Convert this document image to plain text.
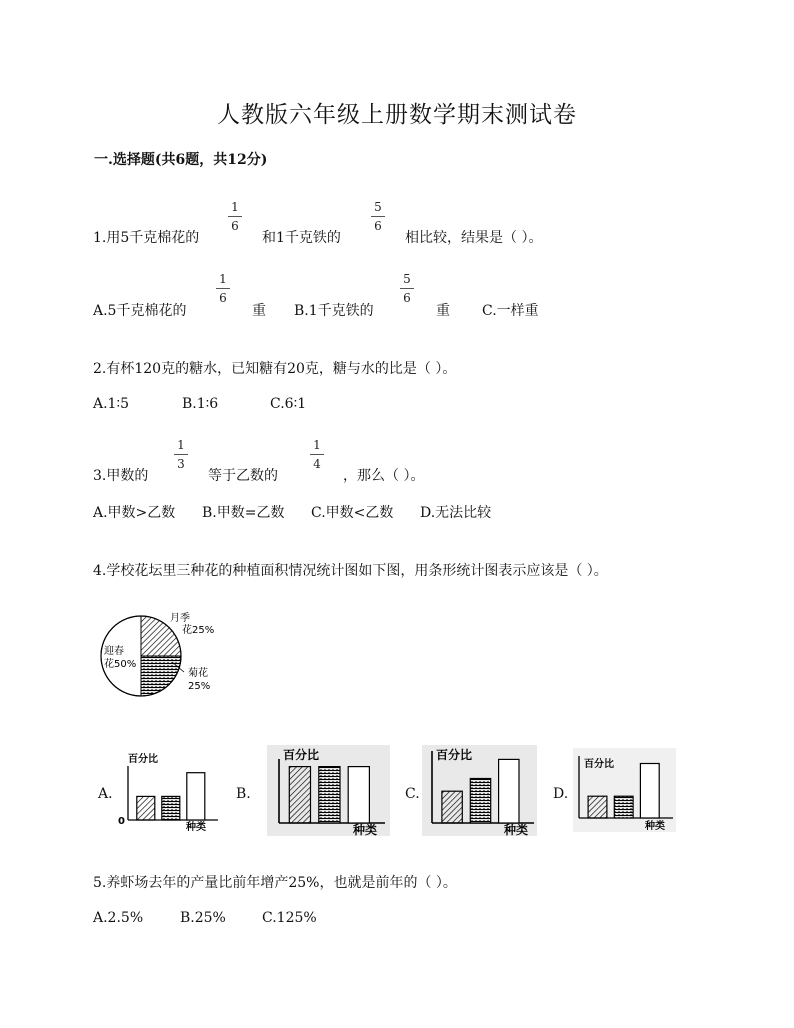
人教版六年级上册数学期末测试卷
一.选择题(共6题，共12分)
1.用5千克棉花的
1
6
和1千克铁的
5
6
相比较，结果是（ ）。
A.5千克棉花的
1
6
重 B.1千克铁的
5
6
重 C.一样重
2.有杯120克的糖水，已知糖有20克，糖与水的比是（ ）。
A.1∶5	B.1∶6	C.6∶1
3.甲数的
1
3
等于乙数的
1
4
，那么（ ）。
A.甲数>乙数 B.甲数=乙数 C.甲数<乙数 D.无法比较
4.学校花坛里三种花的种植面积情况统计图如下图，用条形统计图表示应该是（ ）。
月季
花25%
迎春
花50%
菊花
25%
A.	B.	C.	D.
百分比
种类
0
百分比
种类
百分比
种类
百分比
种类
5.养虾场去年的产量比前年增产25%，也就是前年的（ ）。
A.2.5%	B.25%	C.125%
